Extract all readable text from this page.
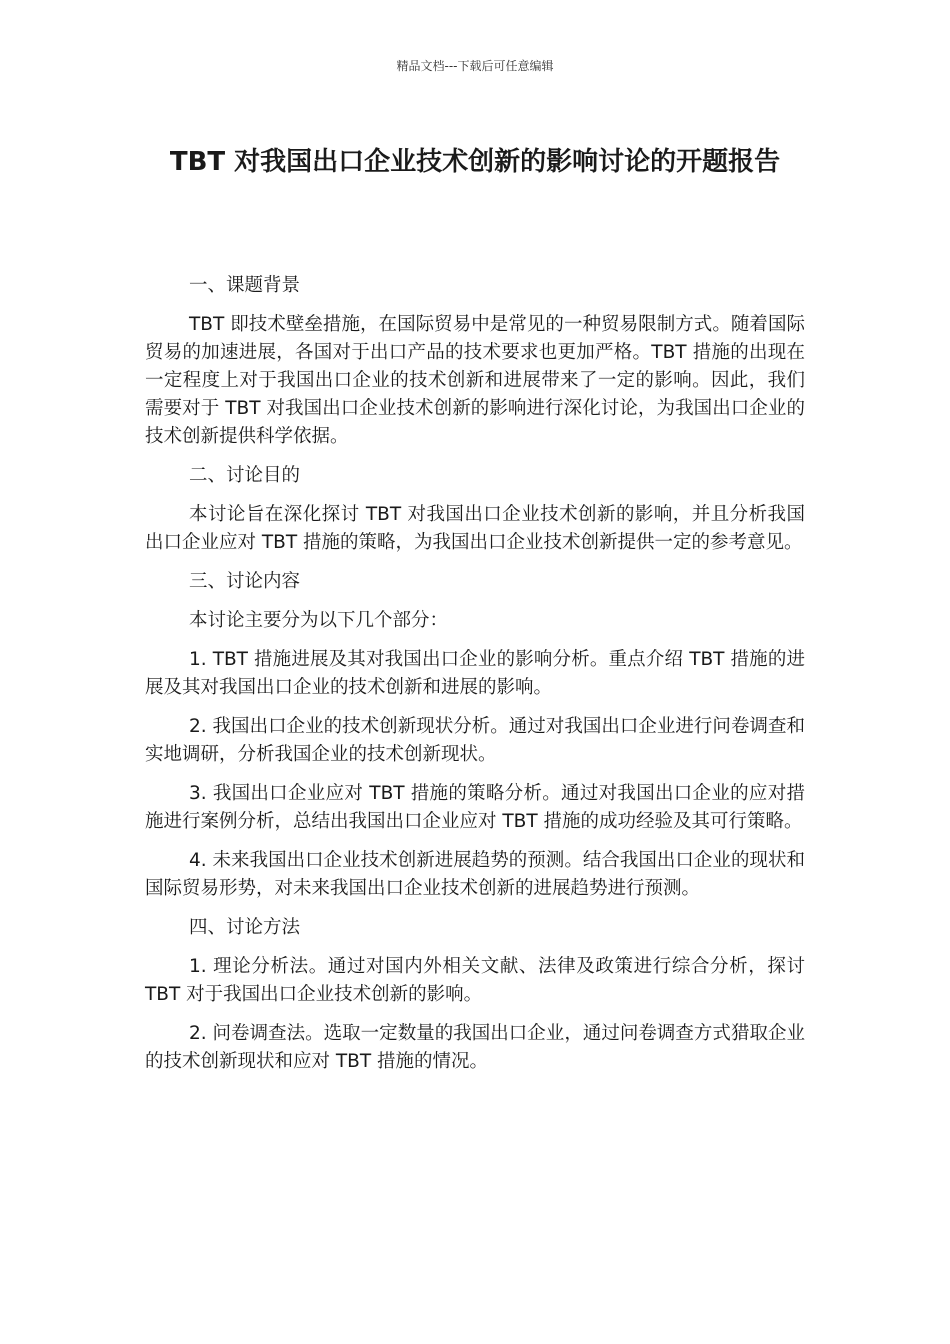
精品文档---下载后可任意编辑
TBT 对我国出口企业技术创新的影响讨论的开题报告

一、课题背景

TBT 即技术壁垒措施，在国际贸易中是常见的一种贸易限制方式。随着国际贸易的加速进展，各国对于出口产品的技术要求也更加严格。TBT 措施的出现在一定程度上对于我国出口企业的技术创新和进展带来了一定的影响。因此，我们需要对于 TBT 对我国出口企业技术创新的影响进行深化讨论，为我国出口企业的技术创新提供科学依据。

二、讨论目的

本讨论旨在深化探讨 TBT 对我国出口企业技术创新的影响，并且分析我国出口企业应对 TBT 措施的策略，为我国出口企业技术创新提供一定的参考意见。

三、讨论内容

本讨论主要分为以下几个部分：

1. TBT 措施进展及其对我国出口企业的影响分析。重点介绍 TBT 措施的进展及其对我国出口企业的技术创新和进展的影响。

2. 我国出口企业的技术创新现状分析。通过对我国出口企业进行问卷调查和实地调研，分析我国企业的技术创新现状。

3. 我国出口企业应对 TBT 措施的策略分析。通过对我国出口企业的应对措施进行案例分析，总结出我国出口企业应对 TBT 措施的成功经验及其可行策略。

4. 未来我国出口企业技术创新进展趋势的预测。结合我国出口企业的现状和国际贸易形势，对未来我国出口企业技术创新的进展趋势进行预测。

四、讨论方法

1. 理论分析法。通过对国内外相关文献、法律及政策进行综合分析，探讨 TBT 对于我国出口企业技术创新的影响。

2. 问卷调查法。选取一定数量的我国出口企业，通过问卷调查方式猎取企业的技术创新现状和应对 TBT 措施的情况。
